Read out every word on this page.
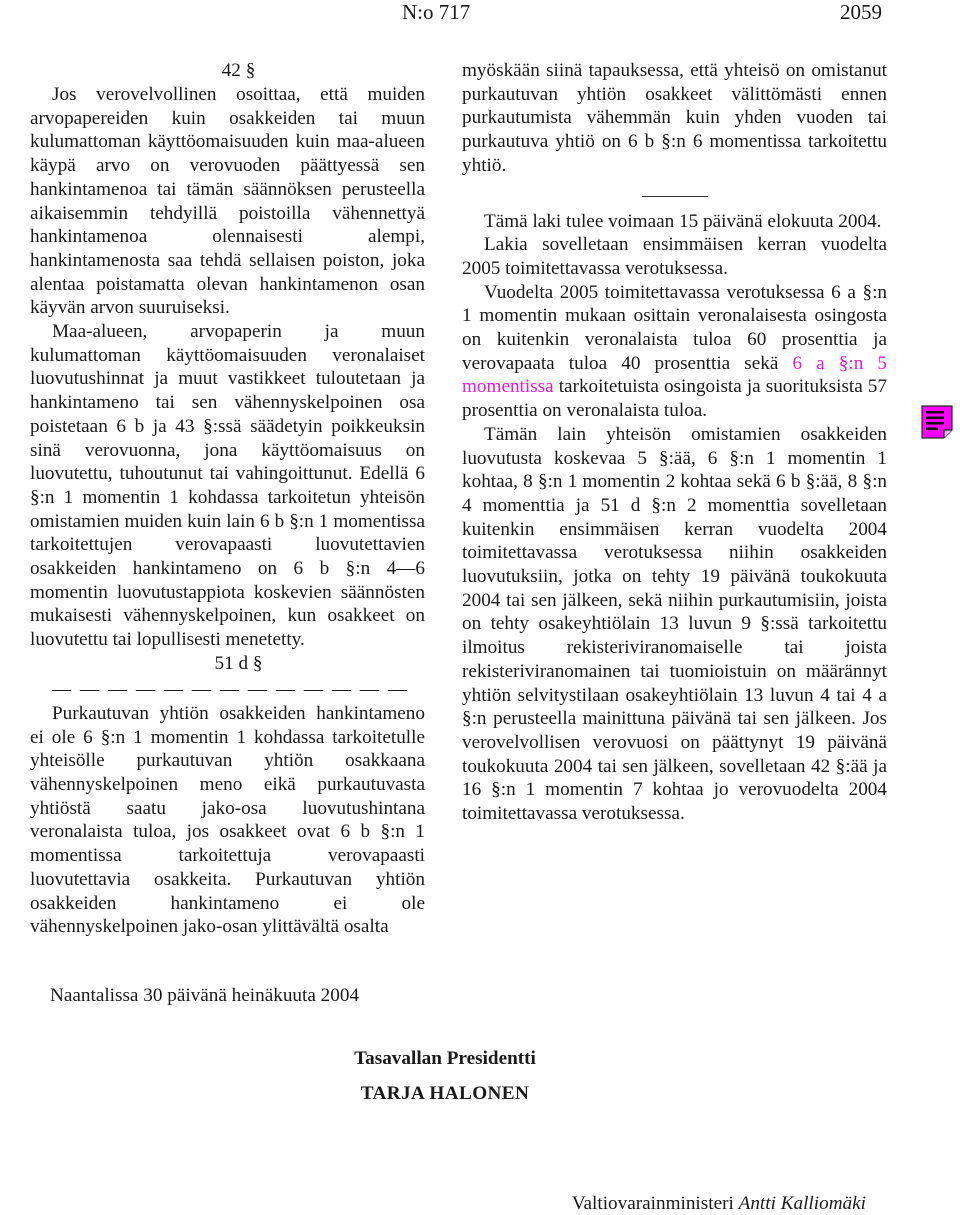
N:o 717	2059

42 §

Jos verovelvollinen osoittaa, että muiden arvopapereiden kuin osakkeiden tai muun kulumattoman käyttöomaisuuden kuin maa-alueen käypä arvo on verovuoden päättyessä sen hankintamenoa tai tämän säännöksen perusteella aikaisemmin tehdyillä poistoilla vähennettyä hankintamenoa olennaisesti alempi, hankintamenosta saa tehdä sellaisen poiston, joka alentaa poistamatta olevan hankintamenon osan käyvän arvon suuruiseksi.

Maa-alueen, arvopaperin ja muun kulumattoman käyttöomaisuuden veronalaiset luovutushinnat ja muut vastikkeet tuloutetaan ja hankintameno tai sen vähennyskelpoinen osa poistetaan 6 b ja 43 §:ssä säädetyin poikkeuksin sinä verovuonna, jona käyttöomaisuus on luovutettu, tuhoutunut tai vahingoittunut. Edellä 6 §:n 1 momentin 1 kohdassa tarkoitetun yhteisön omistamien muiden kuin lain 6 b §:n 1 momentissa tarkoitettujen verovapaasti luovutettavien osakkeiden hankintameno on 6 b §:n 4—6 momentin luovutustappiota koskevien säännösten mukaisesti vähennyskelpoinen, kun osakkeet on luovutettu tai lopullisesti menetetty.

51 d §

— — — — — — — — — — — — —

Purkautuvan yhtiön osakkeiden hankintameno ei ole 6 §:n 1 momentin 1 kohdassa tarkoitetulle yhteisölle purkautuvan yhtiön osakkaana vähennyskelpoinen meno eikä purkautuvasta yhtiöstä saatu jako-osa luovutushintana veronalaista tuloa, jos osakkeet ovat 6 b §:n 1 momentissa tarkoitettuja verovapaasti luovutettavia osakkeita. Purkautuvan yhtiön osakkeiden hankintameno ei ole vähennyskelpoinen jako-osan ylittävältä osalta

myöskään siinä tapauksessa, että yhteisö on omistanut purkautuvan yhtiön osakkeet välittömästi ennen purkautumista vähemmän kuin yhden vuoden tai purkautuva yhtiö on 6 b §:n 6 momentissa tarkoitettu yhtiö.

Tämä laki tulee voimaan 15 päivänä elokuuta 2004.

Lakia sovelletaan ensimmäisen kerran vuodelta 2005 toimitettavassa verotuksessa.

Vuodelta 2005 toimitettavassa verotuksessa 6 a §:n 1 momentin mukaan osittain veronalaisesta osingosta on kuitenkin veronalaista tuloa 60 prosenttia ja verovapaata tuloa 40 prosenttia sekä 6 a §:n 5 momentissa tarkoitetuista osingoista ja suorituksista 57 prosenttia on veronalaista tuloa.

Tämän lain yhteisön omistamien osakkeiden luovutusta koskevaa 5 §:ää, 6 §:n 1 momentin 1 kohtaa, 8 §:n 1 momentin 2 kohtaa sekä 6 b §:ää, 8 §:n 4 momenttia ja 51 d §:n 2 momenttia sovelletaan kuitenkin ensimmäisen kerran vuodelta 2004 toimitettavassa verotuksessa niihin osakkeiden luovutuksiin, jotka on tehty 19 päivänä toukokuuta 2004 tai sen jälkeen, sekä niihin purkautumisiin, joista on tehty osakeyhtiölain 13 luvun 9 §:ssä tarkoitettu ilmoitus rekisteriviranomaiselle tai joista rekisteriviranomainen tai tuomioistuin on määrännyt yhtiön selvitystilaan osakeyhtiölain 13 luvun 4 tai 4 a §:n perusteella mainittuna päivänä tai sen jälkeen. Jos verovelvollisen verovuosi on päättynyt 19 päivänä toukokuuta 2004 tai sen jälkeen, sovelletaan 42 §:ää ja 16 §:n 1 momentin 7 kohtaa jo verovuodelta 2004 toimitettavassa verotuksessa.

Naantalissa 30 päivänä heinäkuuta 2004
Tasavallan Presidentti
TARJA HALONEN
Valtiovarainministeri Antti Kalliomäki
